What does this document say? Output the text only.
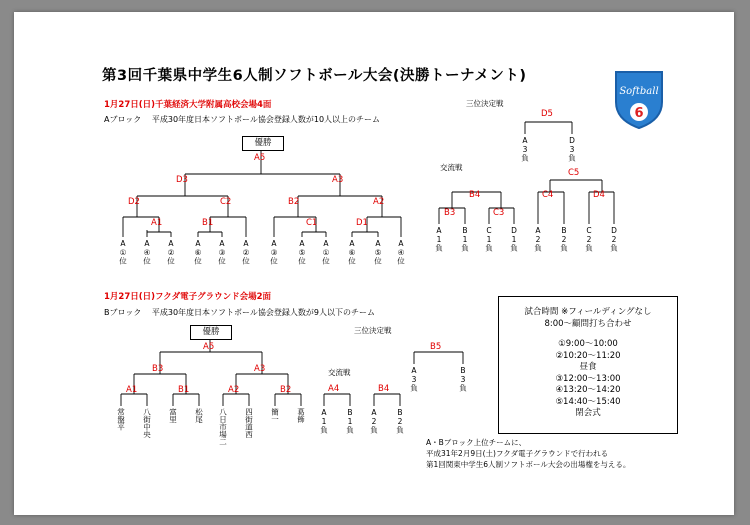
第3回千葉県中学生6人制ソフトボール大会(決勝トーナメント)
Softball
6
1月27日(日)千葉経済大学附属高校会場4面
Aブロック　 平成30年度日本ソフトボール協会登録人数が10人以上のチーム
優勝
A5
D3	A3
D2	C2	B2	A2
A1	B1	C1	D1
A①位 A④位 A②位 A⑥位 A③位 A②位	A③位	A⑤位 A①位 A⑥位 A⑤位 A④位
三位決定戦
D5
A3負	D3負
交流戦
B4
C5
B3	C3
C4	D4
A1負 B1負 C1負 D1負 A2負 B2負 C2負 D2負
1月27日(日)フクダ電子グラウンド会場2面
Bブロック　 平成30年度日本ソフトボール協会登録人数が9人以下のチーム
優勝
A5
B3	A3
A1	B1	A2	B2
常盤平 八街中央 富里 松尾 八日市場二 四街道西 簡一 葛飾
三位決定戦
B5
A3負	B3負
交流戦
A4	B4
A1負 B1負 A2負 B2負
試合時間 ※フィールディングなし
8:00～顧問打ち合わせ
①9:00～10:00
②10:20～11:20
昼食
③12:00～13:00
④13:20～14:20
⑤14:40～15:40
閉会式
A・Bブロック上位チームに、
平成31年2月9日(土)フクダ電子グラウンドで行われる
第1回関東中学生6人制ソフトボール大会の出場権を与える。
